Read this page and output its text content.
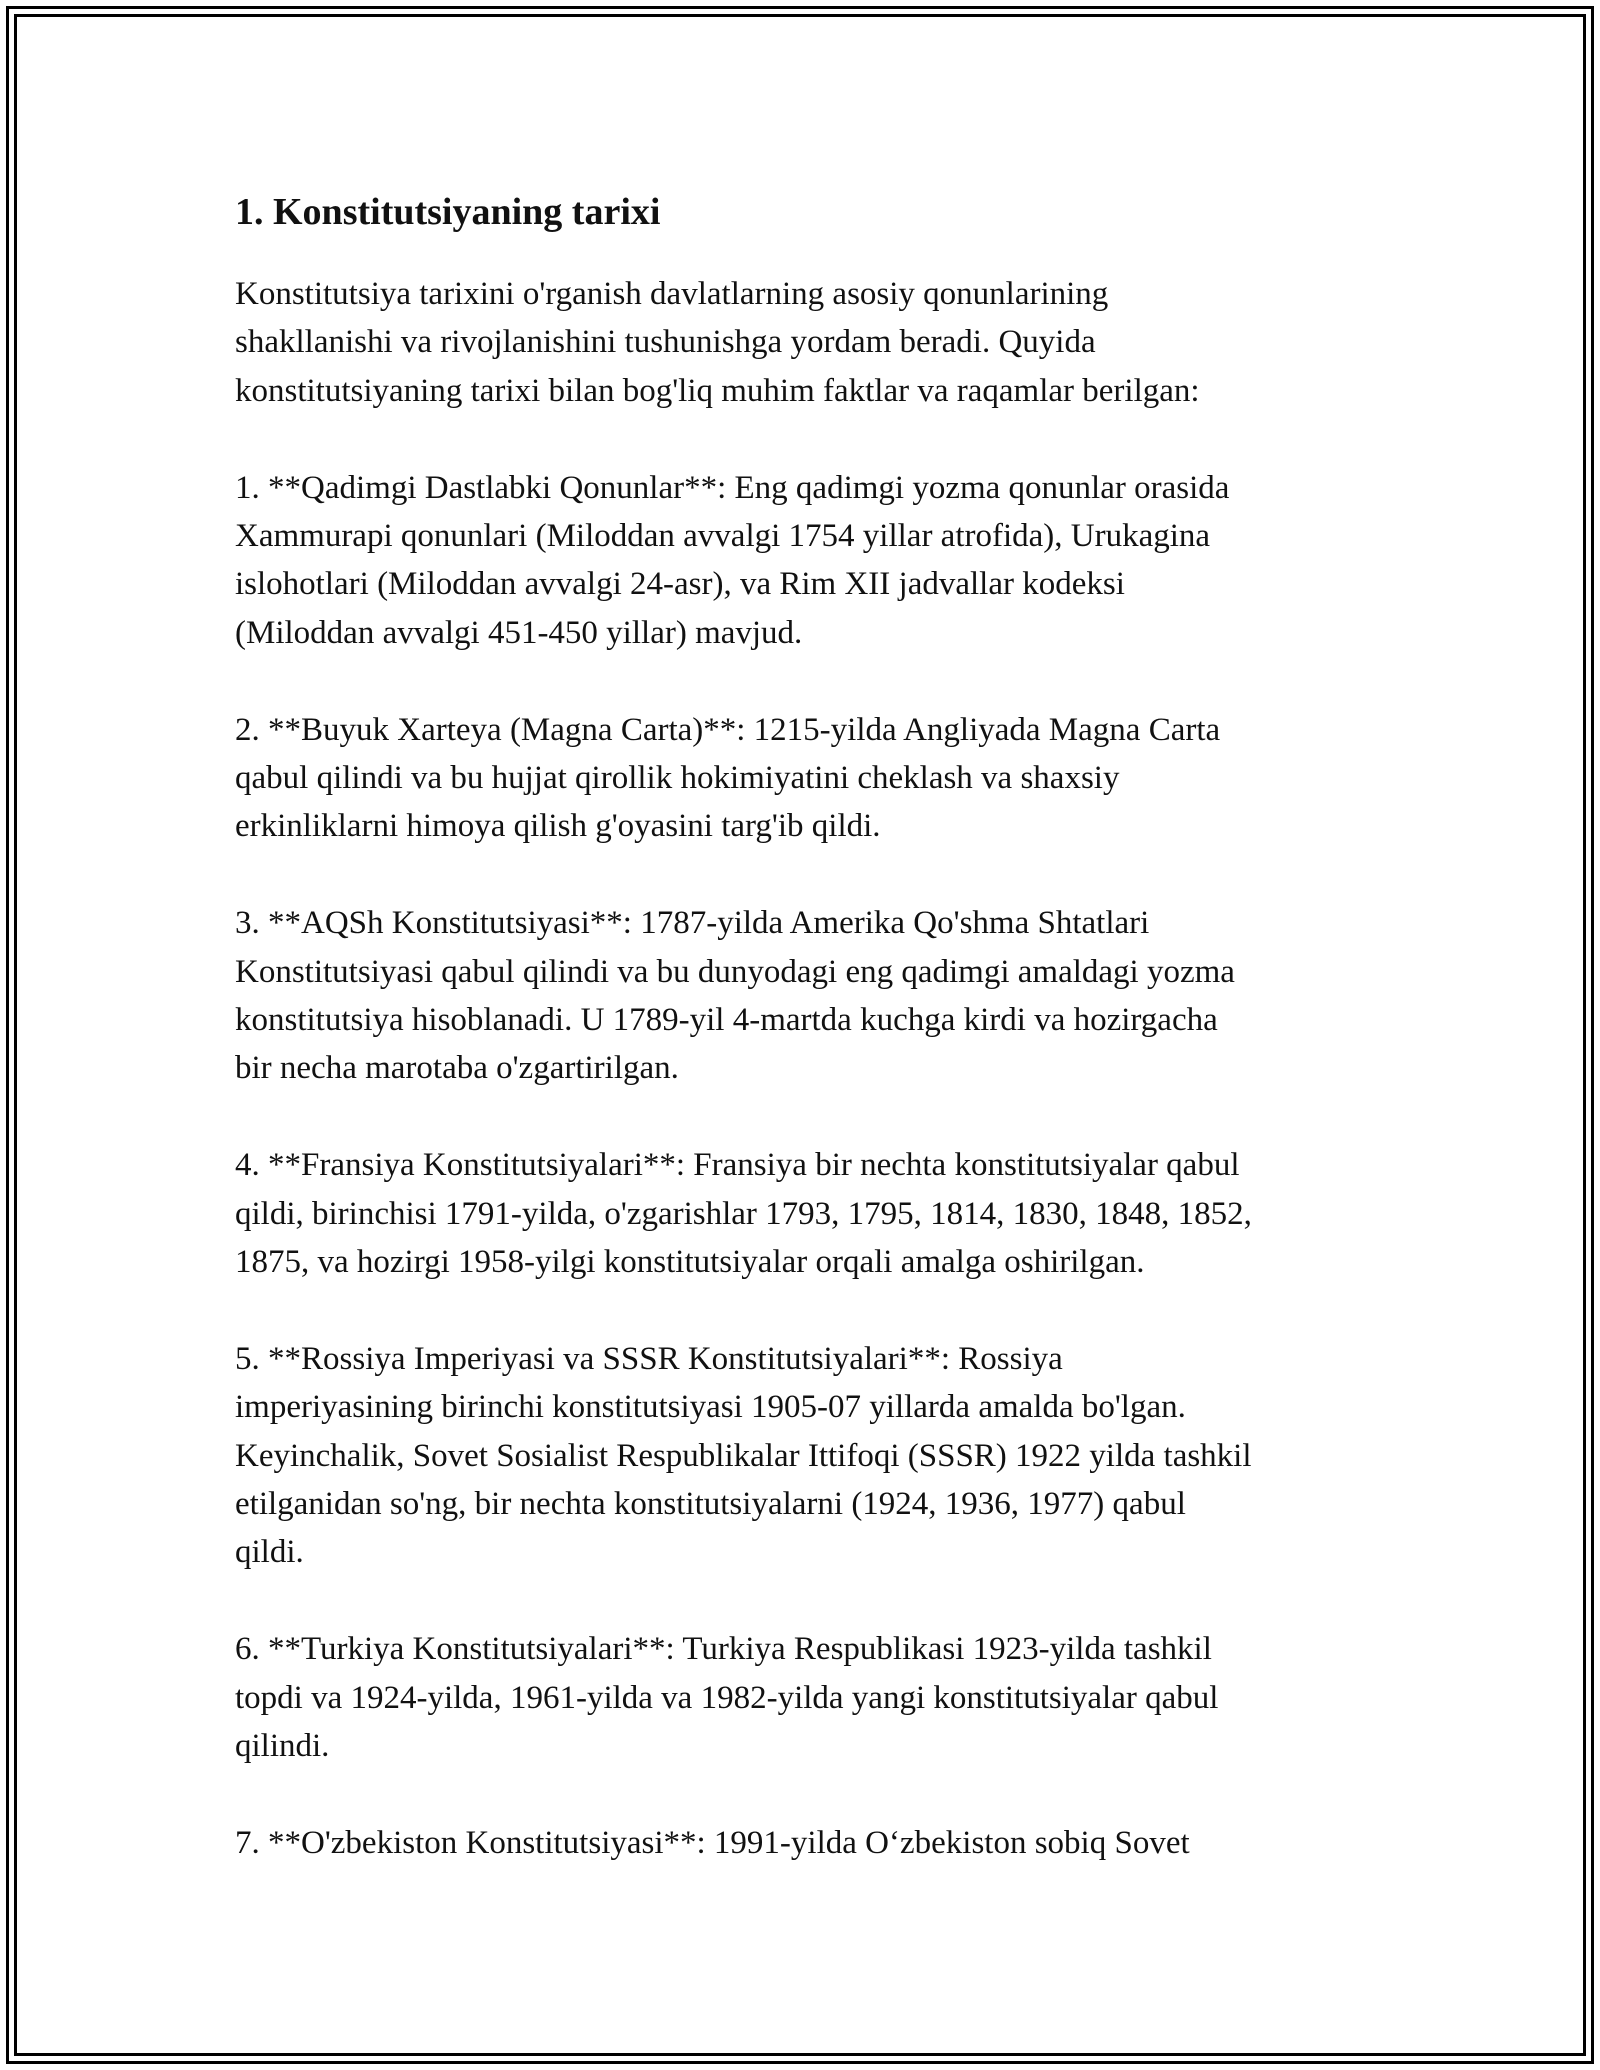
1. Konstitutsiyaning tarixi

Konstitutsiya tarixini o'rganish davlatlarning asosiy qonunlarining
shakllanishi va rivojlanishini tushunishga yordam beradi. Quyida
konstitutsiyaning tarixi bilan bog'liq muhim faktlar va raqamlar berilgan:

1. **Qadimgi Dastlabki Qonunlar**: Eng qadimgi yozma qonunlar orasida
Xammurapi qonunlari (Miloddan avvalgi 1754 yillar atrofida), Urukagina
islohotlari (Miloddan avvalgi 24-asr), va Rim XII jadvallar kodeksi
(Miloddan avvalgi 451-450 yillar) mavjud.

2. **Buyuk Xarteya (Magna Carta)**: 1215-yilda Angliyada Magna Carta
qabul qilindi va bu hujjat qirollik hokimiyatini cheklash va shaxsiy
erkinliklarni himoya qilish g'oyasini targ'ib qildi.

3. **AQSh Konstitutsiyasi**: 1787-yilda Amerika Qo'shma Shtatlari
Konstitutsiyasi qabul qilindi va bu dunyodagi eng qadimgi amaldagi yozma
konstitutsiya hisoblanadi. U 1789-yil 4-martda kuchga kirdi va hozirgacha
bir necha marotaba o'zgartirilgan.

4. **Fransiya Konstitutsiyalari**: Fransiya bir nechta konstitutsiyalar qabul
qildi, birinchisi 1791-yilda, o'zgarishlar 1793, 1795, 1814, 1830, 1848, 1852,
1875, va hozirgi 1958-yilgi konstitutsiyalar orqali amalga oshirilgan.

5. **Rossiya Imperiyasi va SSSR Konstitutsiyalari**: Rossiya
imperiyasining birinchi konstitutsiyasi 1905-07 yillarda amalda bo'lgan.
Keyinchalik, Sovet Sosialist Respublikalar Ittifoqi (SSSR) 1922 yilda tashkil
etilganidan so'ng, bir nechta konstitutsiyalarni (1924, 1936, 1977) qabul
qildi.

6. **Turkiya Konstitutsiyalari**: Turkiya Respublikasi 1923-yilda tashkil
topdi va 1924-yilda, 1961-yilda va 1982-yilda yangi konstitutsiyalar qabul
qilindi.

7. **O'zbekiston Konstitutsiyasi**: 1991-yilda O‘zbekiston sobiq Sovet
